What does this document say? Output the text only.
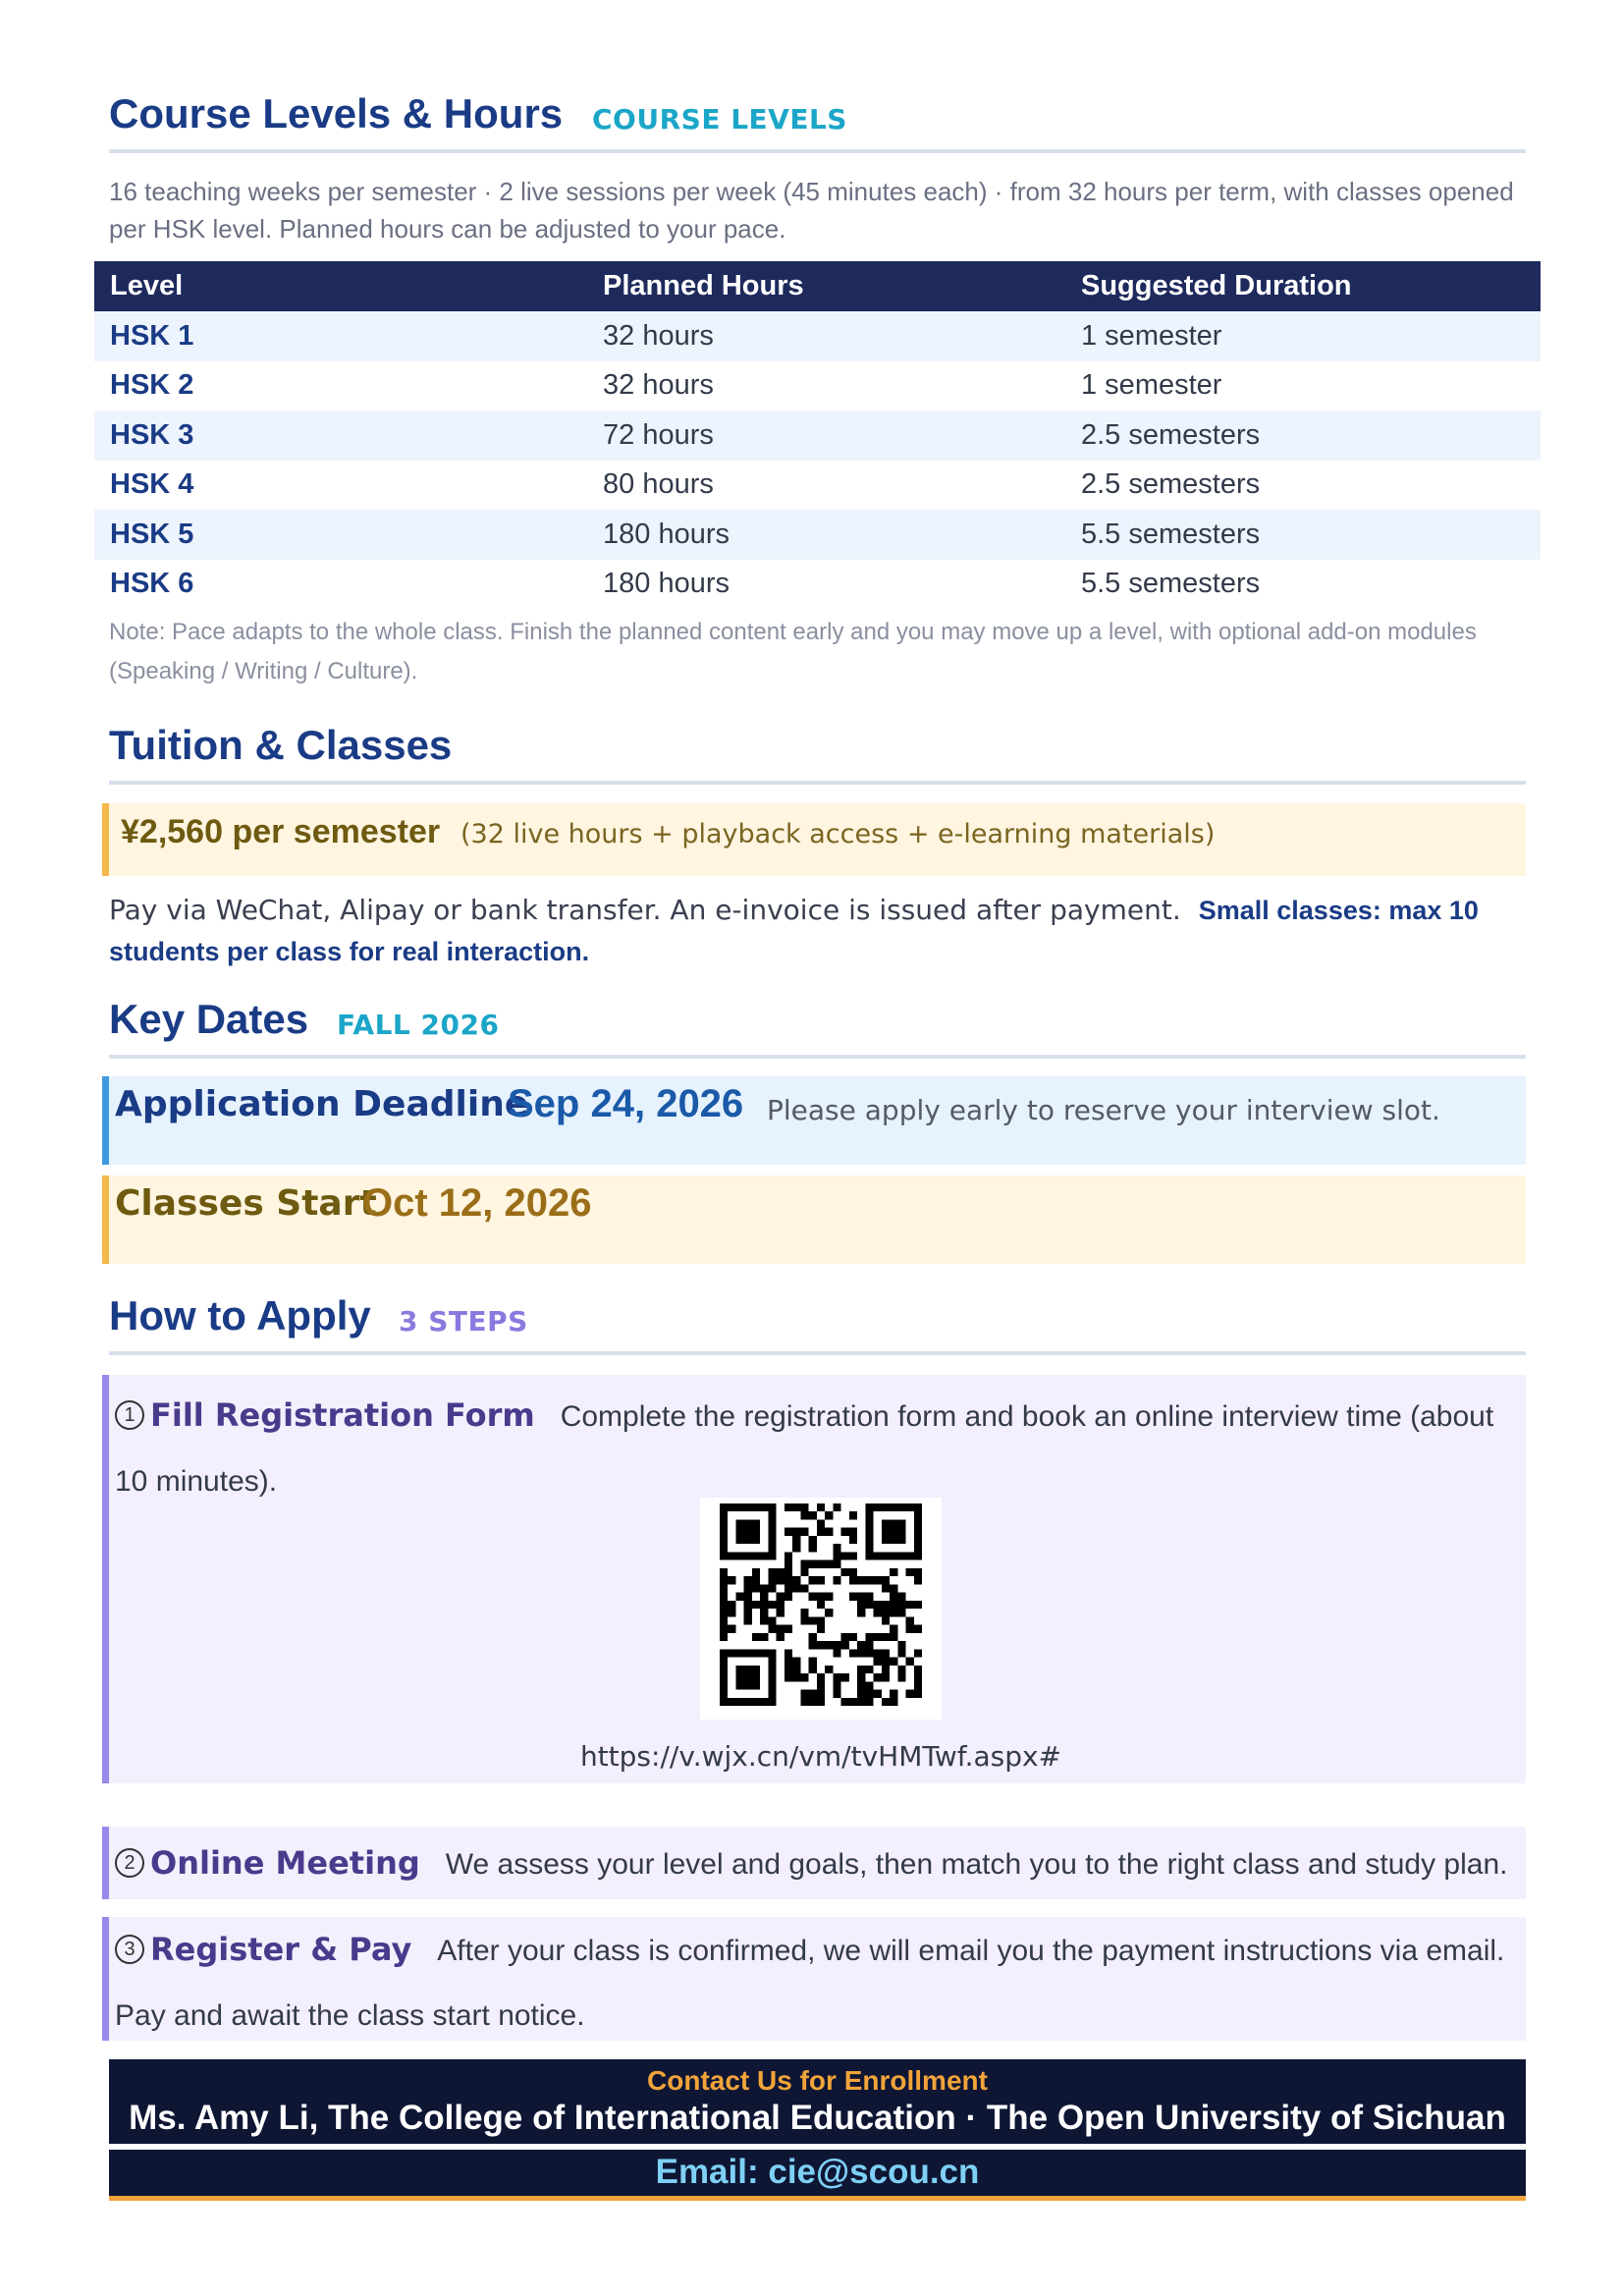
Course Levels & Hours COURSE LEVELS

16 teaching weeks per semester · 2 live sessions per week (45 minutes each) · from 32 hours per term, with classes opened per HSK level. Planned hours can be adjusted to your pace.

Level	Planned Hours	Suggested Duration
HSK 1	32 hours	1 semester
HSK 2	32 hours	1 semester
HSK 3	72 hours	2.5 semesters
HSK 4	80 hours	2.5 semesters
HSK 5	180 hours	5.5 semesters
HSK 6	180 hours	5.5 semesters

Note: Pace adapts to the whole class. Finish the planned content early and you may move up a level, with optional add-on modules (Speaking / Writing / Culture).

Tuition & Classes
¥2,560 per semester (32 live hours + playback access + e-learning materials)

Pay via WeChat, Alipay or bank transfer. An e-invoice is issued after payment. Small classes: max 10 students per class for real interaction.

Key Dates FALL 2026
Application Deadline
Sep 24, 2026 Please apply early to reserve your interview slot.
Classes Start
Oct 12, 2026
How to Apply 3 STEPS
1 Fill Registration Form Complete the registration form and book an online interview time (about 10 minutes).
https://v.wjx.cn/vm/tvHMTwf.aspx#
2 Online Meeting We assess your level and goals, then match you to the right class and study plan.
3 Register & Pay After your class is confirmed, we will email you the payment instructions via email. Pay and await the class start notice.
Contact Us for Enrollment
Ms. Amy Li, The College of International Education · The Open University of Sichuan
Email: cie@scou.cn
